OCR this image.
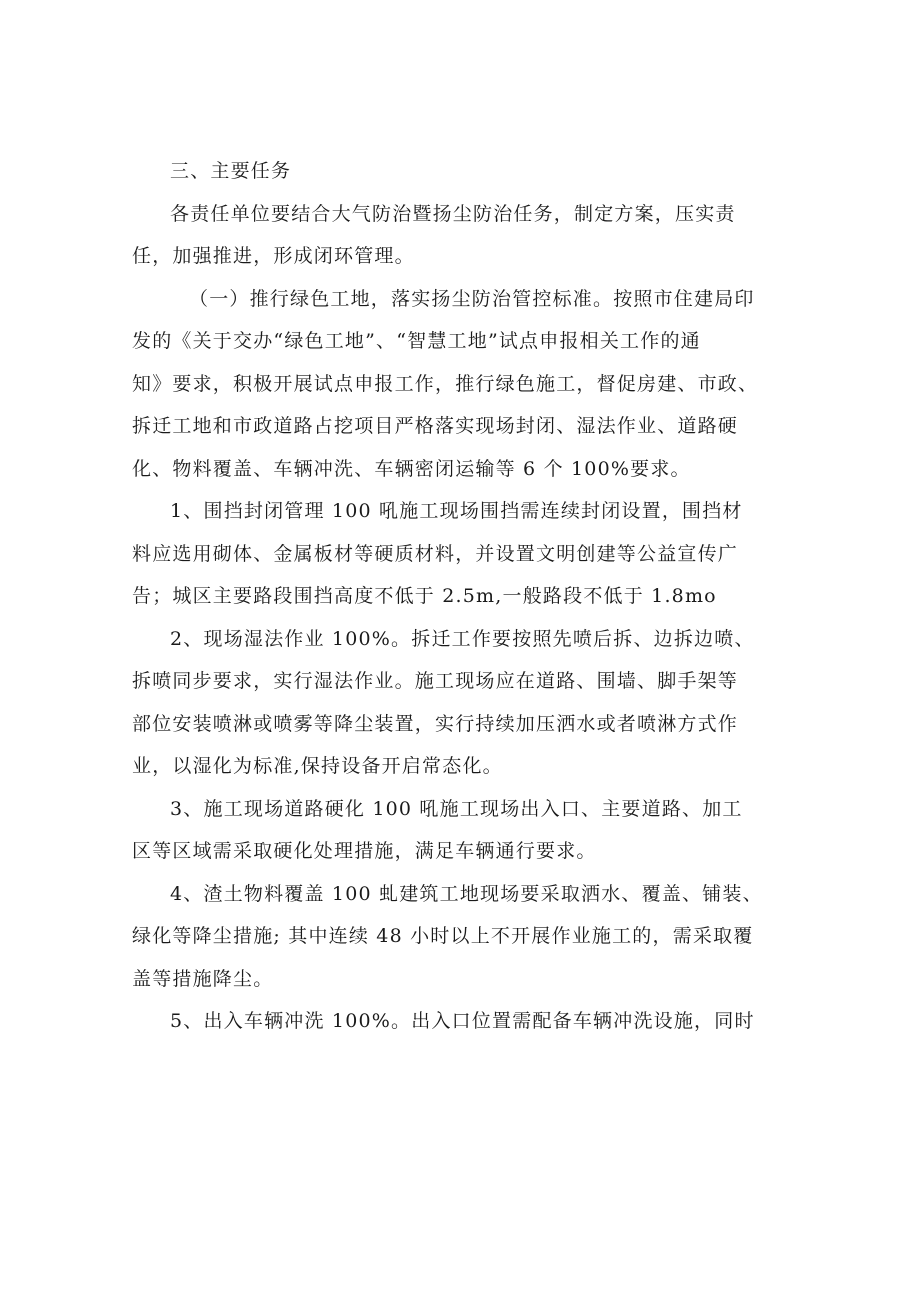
三、主要任务

各责任单位要结合大气防治暨扬尘防治任务，制定方案，压实责
任，加强推进，形成闭环管理。

（一）推行绿色工地，落实扬尘防治管控标准。按照市住建局印
发的《关于交办“绿色工地”、“智慧工地”试点申报相关工作的通
知》要求，积极开展试点申报工作，推行绿色施工，督促房建、市政、
拆迁工地和市政道路占挖项目严格落实现场封闭、湿法作业、道路硬
化、物料覆盖、车辆冲洗、车辆密闭运输等 6 个 100%要求。

1、围挡封闭管理 100 吼施工现场围挡需连续封闭设置，围挡材
料应选用砌体、金属板材等硬质材料，并设置文明创建等公益宣传广
告；城区主要路段围挡高度不低于 2.5m,一般路段不低于 1.8mo

2、现场湿法作业 100%。拆迁工作要按照先喷后拆、边拆边喷、
拆喷同步要求，实行湿法作业。施工现场应在道路、围墙、脚手架等
部位安装喷淋或喷雾等降尘装置，实行持续加压洒水或者喷淋方式作
业，以湿化为标准,保持设备开启常态化。

3、施工现场道路硬化 100 吼施工现场出入口、主要道路、加工
区等区域需采取硬化处理措施，满足车辆通行要求。

4、渣土物料覆盖 100 虬建筑工地现场要采取洒水、覆盖、铺装、
绿化等降尘措施; 其中连续 48 小时以上不开展作业施工的，需采取覆
盖等措施降尘。

5、出入车辆冲洗 100%。出入口位置需配备车辆冲洗设施，同时
